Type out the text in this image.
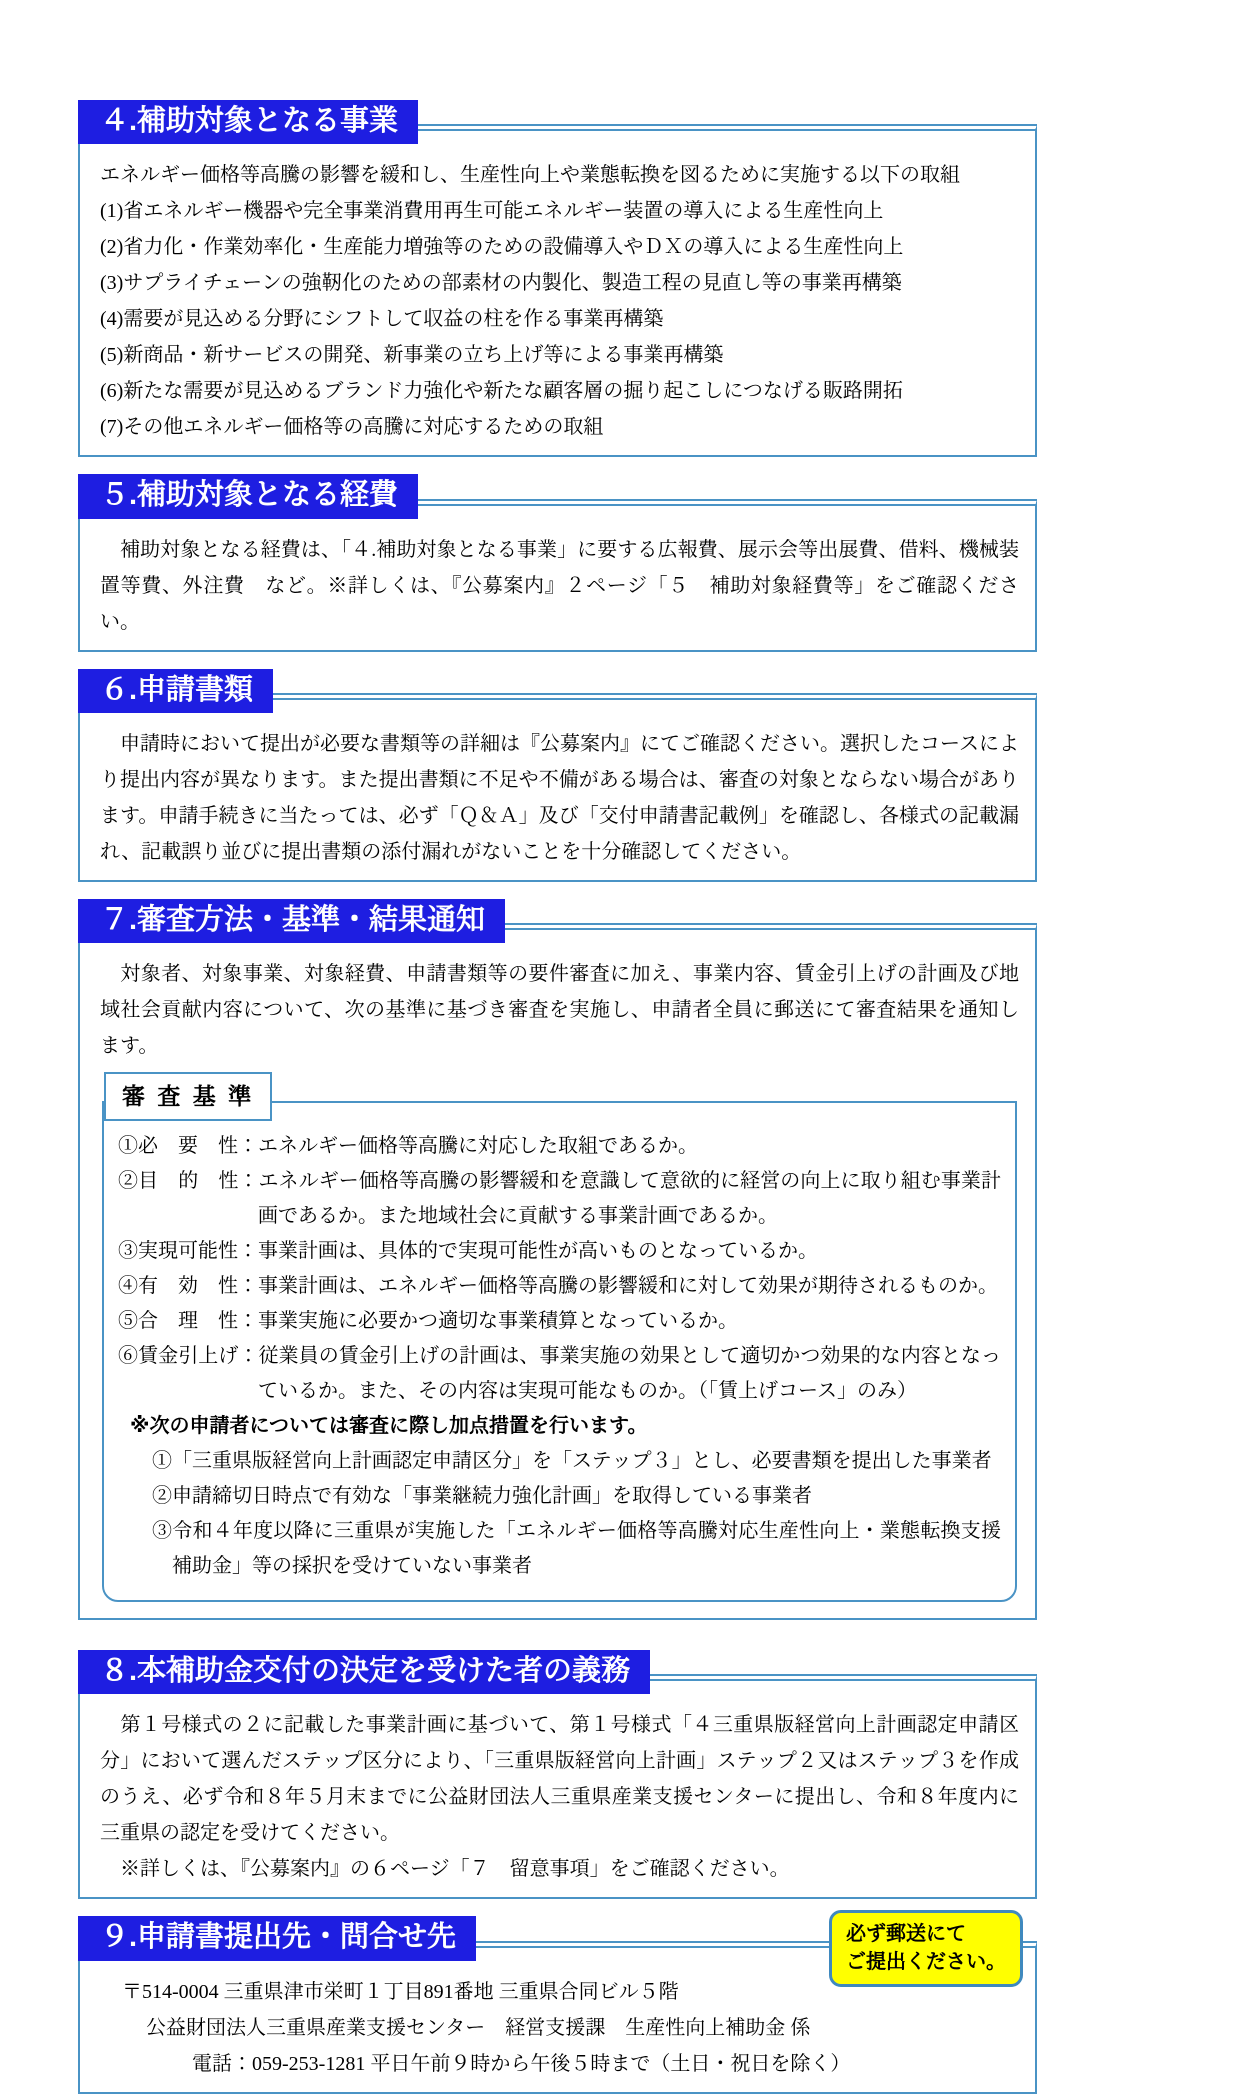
４.補助対象となる事業
エネルギー価格等高騰の影響を緩和し、生産性向上や業態転換を図るために実施する以下の取組
(1)省エネルギー機器や完全事業消費用再生可能エネルギー装置の導入による生産性向上
(2)省力化・作業効率化・生産能力増強等のための設備導入やＤＸの導入による生産性向上
(3)サプライチェーンの強靭化のための部素材の内製化、製造工程の見直し等の事業再構築
(4)需要が見込める分野にシフトして収益の柱を作る事業再構築
(5)新商品・新サービスの開発、新事業の立ち上げ等による事業再構築
(6)新たな需要が見込めるブランド力強化や新たな顧客層の掘り起こしにつなげる販路開拓
(7)その他エネルギー価格等の高騰に対応するための取組
５.補助対象となる経費

　補助対象となる経費は、「４.補助対象となる事業」に要する広報費、展示会等出展費、借料、機械装置等費、外注費　など。※詳しくは、『公募案内』２ページ「５　補助対象経費等」をご確認ください。

６.申請書類

　申請時において提出が必要な書類等の詳細は『公募案内』にてご確認ください。選択したコースにより提出内容が異なります。また提出書類に不足や不備がある場合は、審査の対象とならない場合があります。申請手続きに当たっては、必ず「Ｑ＆Ａ」及び「交付申請書記載例」を確認し、各様式の記載漏れ、記載誤り並びに提出書類の添付漏れがないことを十分確認してください。

７.審査方法・基準・結果通知

　対象者、対象事業、対象経費、申請書類等の要件審査に加え、事業内容、賃金引上げの計画及び地域社会貢献内容について、次の基準に基づき審査を実施し、申請者全員に郵送にて審査結果を通知します。

審 査 基 準
①必　要　性：エネルギー価格等高騰に対応した取組であるか。
②目　的　性：エネルギー価格等高騰の影響緩和を意識して意欲的に経営の向上に取り組む事業計画であるか。また地域社会に貢献する事業計画であるか。
③実現可能性：事業計画は、具体的で実現可能性が高いものとなっているか。
④有　効　性：事業計画は、エネルギー価格等高騰の影響緩和に対して効果が期待されるものか。
⑤合　理　性：事業実施に必要かつ適切な事業積算となっているか。
⑥賃金引上げ：従業員の賃金引上げの計画は、事業実施の効果として適切かつ効果的な内容となっているか。また、その内容は実現可能なものか。（「賃上げコース」のみ）
※次の申請者については審査に際し加点措置を行います。
①「三重県版経営向上計画認定申請区分」を「ステップ３」とし、必要書類を提出した事業者
②申請締切日時点で有効な「事業継続力強化計画」を取得している事業者
③令和４年度以降に三重県が実施した「エネルギー価格等高騰対応生産性向上・業態転換支援補助金」等の採択を受けていない事業者
８.本補助金交付の決定を受けた者の義務

　第１号様式の２に記載した事業計画に基づいて、第１号様式「４三重県版経営向上計画認定申請区分」において選んだステップ区分により、「三重県版経営向上計画」ステップ２又はステップ３を作成のうえ、必ず令和８年５月末までに公益財団法人三重県産業支援センターに提出し、令和８年度内に三重県の認定を受けてください。

　※詳しくは、『公募案内』の６ページ「７　留意事項」をご確認ください。

９.申請書提出先・問合せ先	必ず郵送にて
ご提出ください。
〒514-0004 三重県津市栄町１丁目891番地 三重県合同ビル５階
公益財団法人三重県産業支援センター　経営支援課　生産性向上補助金 係
電話：059-253-1281 平日午前９時から午後５時まで（土日・祝日を除く）
